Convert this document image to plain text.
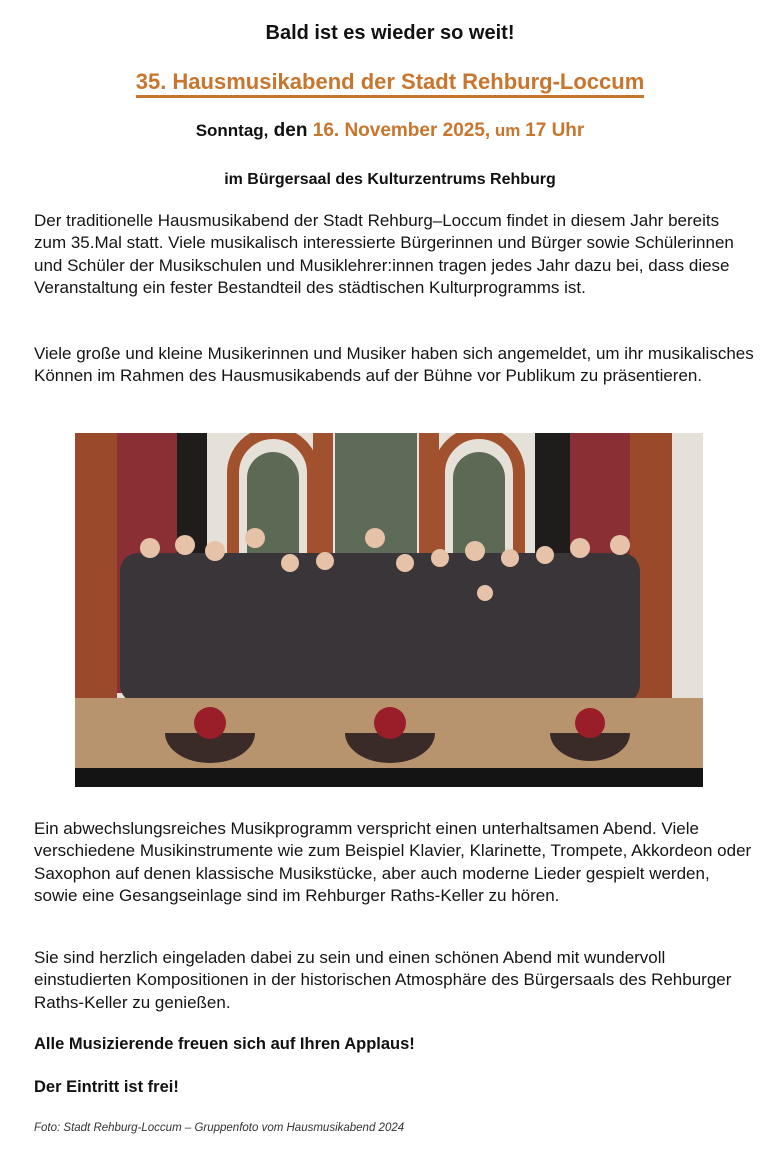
Bald ist es wieder so weit!
35. Hausmusikabend der Stadt Rehburg-Loccum
Sonntag, den 16. November 2025, um 17 Uhr
im Bürgersaal des Kulturzentrums Rehburg
Der traditionelle Hausmusikabend der Stadt Rehburg–Loccum findet in diesem Jahr bereits zum 35.Mal statt. Viele musikalisch interessierte Bürgerinnen und Bürger sowie Schülerinnen und Schüler der Musikschulen und Musiklehrer:innen tragen jedes Jahr dazu bei, dass diese Veranstaltung ein fester Bestandteil des städtischen Kulturprogramms ist.
Viele große und kleine Musikerinnen und Musiker haben sich angemeldet, um ihr musikalisches Können im Rahmen des Hausmusikabends auf der Bühne vor Publikum zu präsentieren.
Ein abwechslungsreiches Musikprogramm verspricht einen unterhaltsamen Abend. Viele verschiedene Musikinstrumente wie zum Beispiel Klavier, Klarinette, Trompete, Akkordeon oder Saxophon auf denen klassische Musikstücke, aber auch moderne Lieder gespielt werden, sowie eine Gesangseinlage sind im Rehburger Raths-Keller zu hören.
Sie sind herzlich eingeladen dabei zu sein und einen schönen Abend mit wundervoll einstudierten Kompositionen in der historischen Atmosphäre des Bürgersaals des Rehburger Raths-Keller zu genießen.
Alle Musizierende freuen sich auf Ihren Applaus!
Der Eintritt ist frei!
Foto: Stadt Rehburg-Loccum – Gruppenfoto vom Hausmusikabend 2024
